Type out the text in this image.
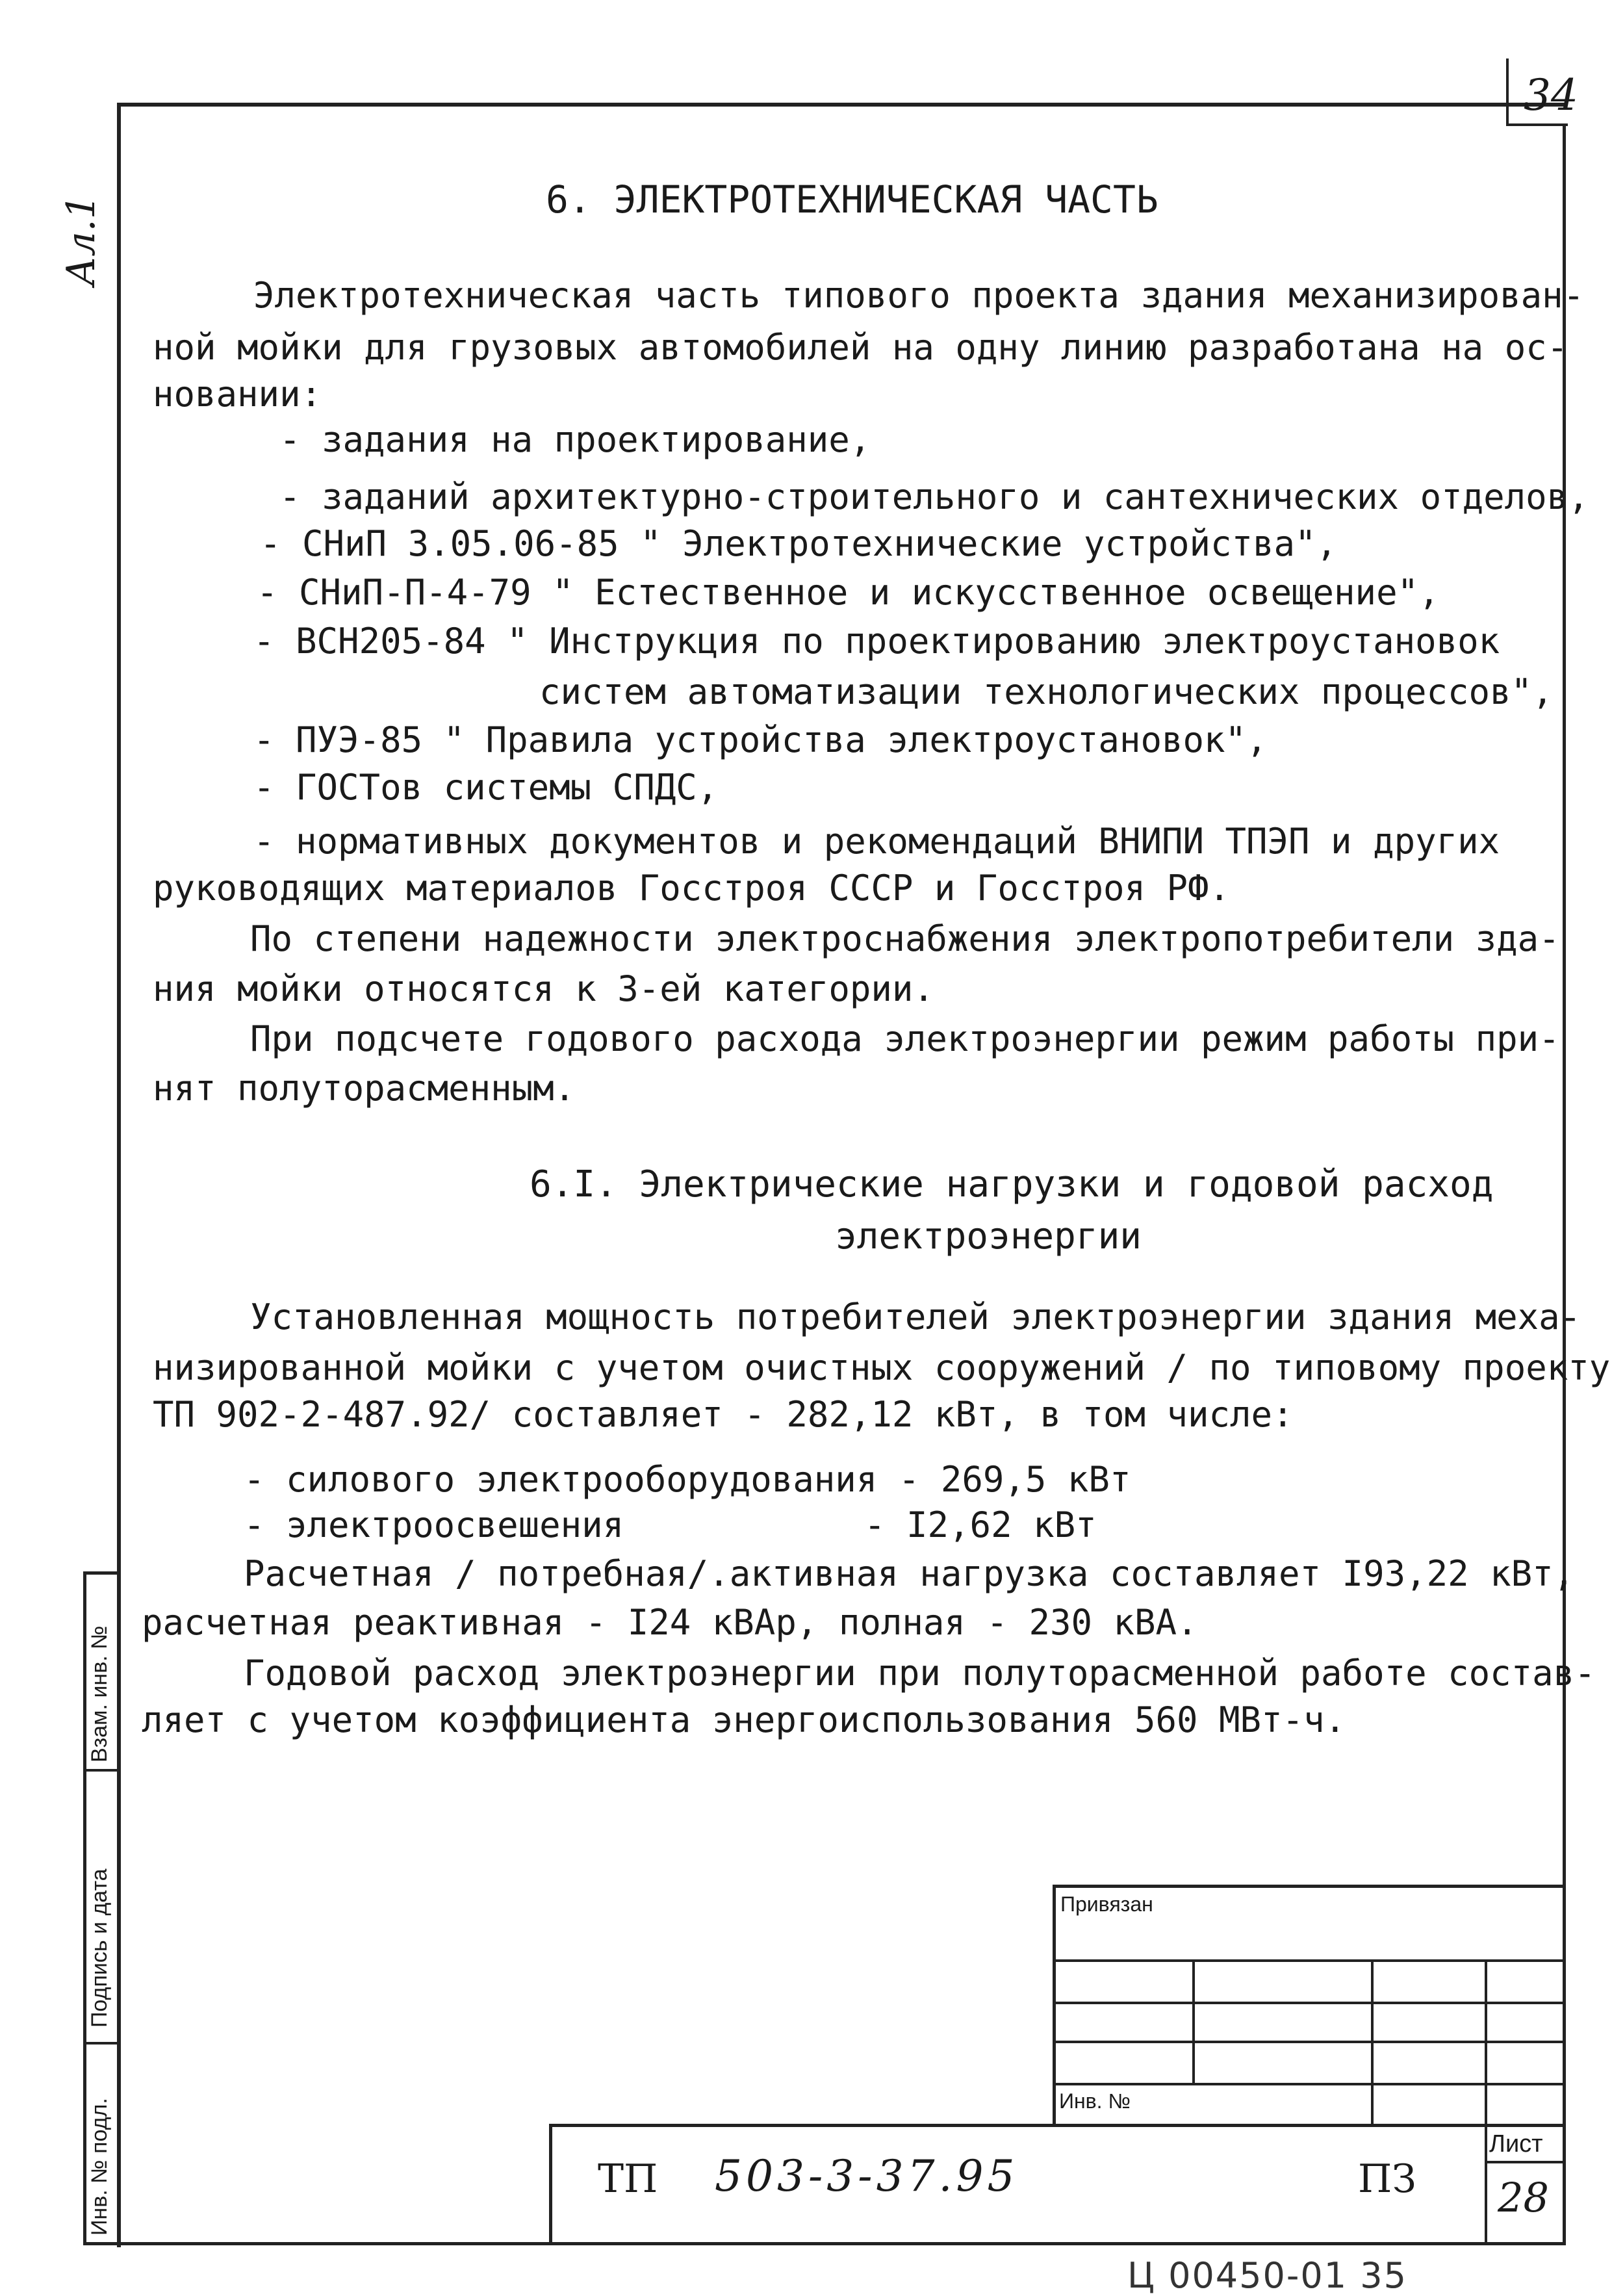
34
Ал.1	6. ЭЛЕКТРОТЕХНИЧЕСКАЯ ЧАСТЬ
Электротехническая часть типового проекта здания механизирован-
ной мойки для грузовых автомобилей на одну линию разработана на ос-
новании:
- задания на проектирование,
- заданий архитектурно-строительного и сантехнических отделов,
- СНиП 3.05.06-85 " Электротехнические устройства",
- СНиП-П-4-79 " Естественное и искусственное освещение",
- ВСН205-84 " Инструкция по проектированию электроустановок
систем автоматизации технологических процессов",
- ПУЭ-85 " Правила устройства электроустановок",
- ГОСТов системы СПДС,
- нормативных документов и рекомендаций ВНИПИ ТПЭП и других
руководящих материалов Госстроя СССР и Госстроя РФ.
По степени надежности электроснабжения электропотребители зда-
ния мойки относятся к 3-ей категории.
При подсчете годового расхода электроэнергии режим работы при-
нят полуторасменным.
6.I. Электрические нагрузки и годовой расход
электроэнергии
Установленная мощность потребителей электроэнергии здания меха-
низированной мойки с учетом очистных сооружений / по типовому проекту
ТП 902-2-487.92/ составляет - 282,12 кВт, в том числе:
- силового электрооборудования - 269,5 кВт
- электроосвешения	- I2,62 кВт
Расчетная / потребная/.активная нагрузка составляет I93,22 кВт,
расчетная реактивная - I24 кВАр, полная - 230 кВА.
Годовой расход электроэнергии при полуторасменной работе состав-
ляет с учетом коэффициента энергоиспользования 560 МВт-ч.
Взам. инв. №
Подпись и дата
Инв. № подл.
Привязан
Инв. №
ТП 503-3-37.95	ПЗ
Лист
28
Ц 00450-01 35
